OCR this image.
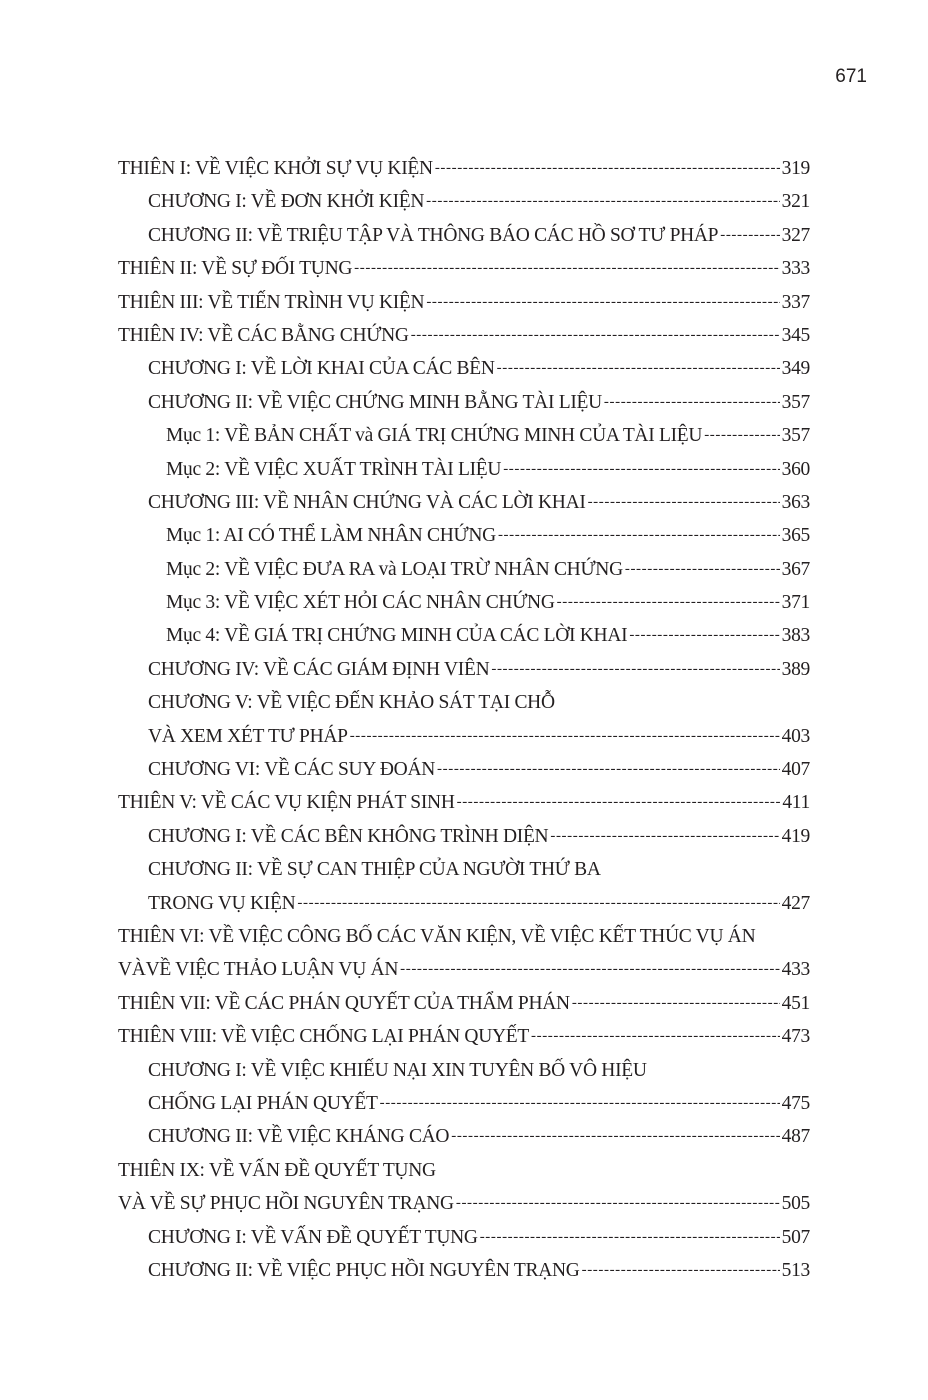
671
THIÊN I: VỀ VIỆC KHỞI SỰ VỤ KIỆN -----	319
CHƯƠNG I: VỀ ĐƠN KHỞI KIỆN -----	321
CHƯƠNG II: VỀ TRIỆU TẬP VÀ THÔNG BÁO CÁC HỒ SƠ TƯ PHÁP -----	327
THIÊN II: VỀ SỰ ĐỐI TỤNG -----	333
THIÊN III: VỀ TIẾN TRÌNH VỤ KIỆN -----	337
THIÊN IV: VỀ CÁC BẰNG CHỨNG -----	345
CHƯƠNG I: VỀ LỜI KHAI CỦA CÁC BÊN -----	349
CHƯƠNG II: VỀ VIỆC CHỨNG MINH BẰNG TÀI LIỆU -----	357
Mục 1: VỀ BẢN CHẤT và GIÁ TRỊ CHỨNG MINH CỦA TÀI LIỆU -----	357
Mục 2: VỀ VIỆC XUẤT TRÌNH TÀI LIỆU -----	360
CHƯƠNG III: VỀ NHÂN CHỨNG VÀ CÁC LỜI KHAI -----	363
Mục 1: AI CÓ THỂ LÀM NHÂN CHỨNG -----	365
Mục 2: VỀ VIỆC ĐƯA RA và LOẠI TRỪ NHÂN CHỨNG -----	367
Mục 3: VỀ VIỆC XÉT HỎI CÁC NHÂN CHỨNG -----	371
Mục 4: VỀ GIÁ TRỊ CHỨNG MINH CỦA CÁC LỜI KHAI -----	383
CHƯƠNG IV: VỀ CÁC GIÁM ĐỊNH VIÊN -----	389
CHƯƠNG V: VỀ VIỆC ĐẾN KHẢO SÁT TẠI CHỖ
VÀ XEM XÉT TƯ PHÁP -----	403
CHƯƠNG VI: VỀ CÁC SUY ĐOÁN -----	407
THIÊN V: VỀ CÁC VỤ KIỆN PHÁT SINH -----	411
CHƯƠNG I: VỀ CÁC BÊN KHÔNG TRÌNH DIỆN -----	419
CHƯƠNG II: VỀ SỰ CAN THIỆP CỦA NGƯỜI THỨ BA
TRONG VỤ KIỆN -----	427
THIÊN VI: VỀ VIỆC CÔNG BỐ CÁC VĂN KIỆN, VỀ VIỆC KẾT THÚC VỤ ÁN
VÀVỀ VIỆC THẢO LUẬN VỤ ÁN -----	433
THIÊN VII: VỀ CÁC PHÁN QUYẾT CỦA THẨM PHÁN -----	451
THIÊN VIII: VỀ VIỆC CHỐNG LẠI PHÁN QUYẾT -----	473
CHƯƠNG I: VỀ VIỆC KHIẾU NẠI XIN TUYÊN BỐ VÔ HIỆU
CHỐNG LẠI PHÁN QUYẾT -----	475
CHƯƠNG II: VỀ VIỆC KHÁNG CÁO -----	487
THIÊN IX: VỀ VẤN ĐỀ QUYẾT TỤNG
VÀ VỀ SỰ PHỤC HỒI NGUYÊN TRẠNG -----	505
CHƯƠNG I: VỀ VẤN ĐỀ QUYẾT TỤNG -----	507
CHƯƠNG II: VỀ VIỆC PHỤC HỒI NGUYÊN TRẠNG -----	513
